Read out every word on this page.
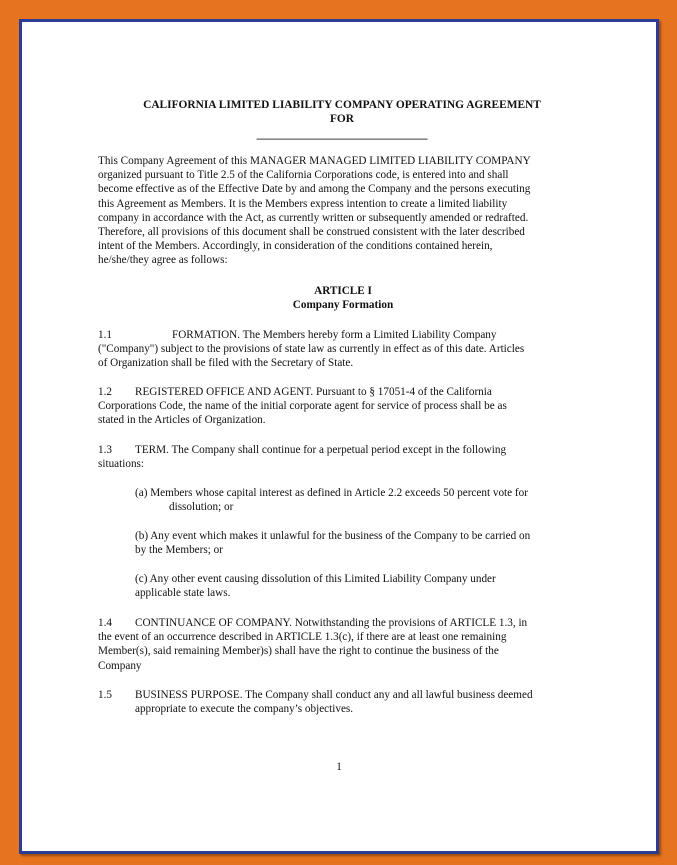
CALIFORNIA LIMITED LIABILITY COMPANY OPERATING AGREEMENT
FOR
______________________________
This Company Agreement of this MANAGER MANAGED LIMITED LIABILITY COMPANY
organized pursuant to Title 2.5 of the California Corporations code, is entered into and shall
become effective as of the Effective Date by and among the Company and the persons executing
this Agreement as Members. It is the Members express intention to create a limited liability
company in accordance with the Act, as currently written or subsequently amended or redrafted.
Therefore, all provisions of this document shall be construed consistent with the later described
intent of the Members. Accordingly, in consideration of the conditions contained herein,
he/she/they agree as follows:
ARTICLE I
Company Formation
1.1	FORMATION. The Members hereby form a Limited Liability Company
("Company") subject to the provisions of state law as currently in effect as of this date. Articles
of Organization shall be filed with the Secretary of State.
1.2 REGISTERED OFFICE AND AGENT. Pursuant to § 17051-4 of the California
Corporations Code, the name of the initial corporate agent for service of process shall be as
stated in the Articles of Organization.
1.3 TERM. The Company shall continue for a perpetual period except in the following
situations:
(a) Members whose capital interest as defined in Article 2.2 exceeds 50 percent vote for
dissolution; or
(b) Any event which makes it unlawful for the business of the Company to be carried on
by the Members; or
(c) Any other event causing dissolution of this Limited Liability Company under
applicable state laws.
1.4 CONTINUANCE OF COMPANY. Notwithstanding the provisions of ARTICLE 1.3, in
the event of an occurrence described in ARTICLE 1.3(c), if there are at least one remaining
Member(s), said remaining Member)s) shall have the right to continue the business of the
Company
1.5 BUSINESS PURPOSE. The Company shall conduct any and all lawful business deemed
appropriate to execute the company’s objectives.
1
